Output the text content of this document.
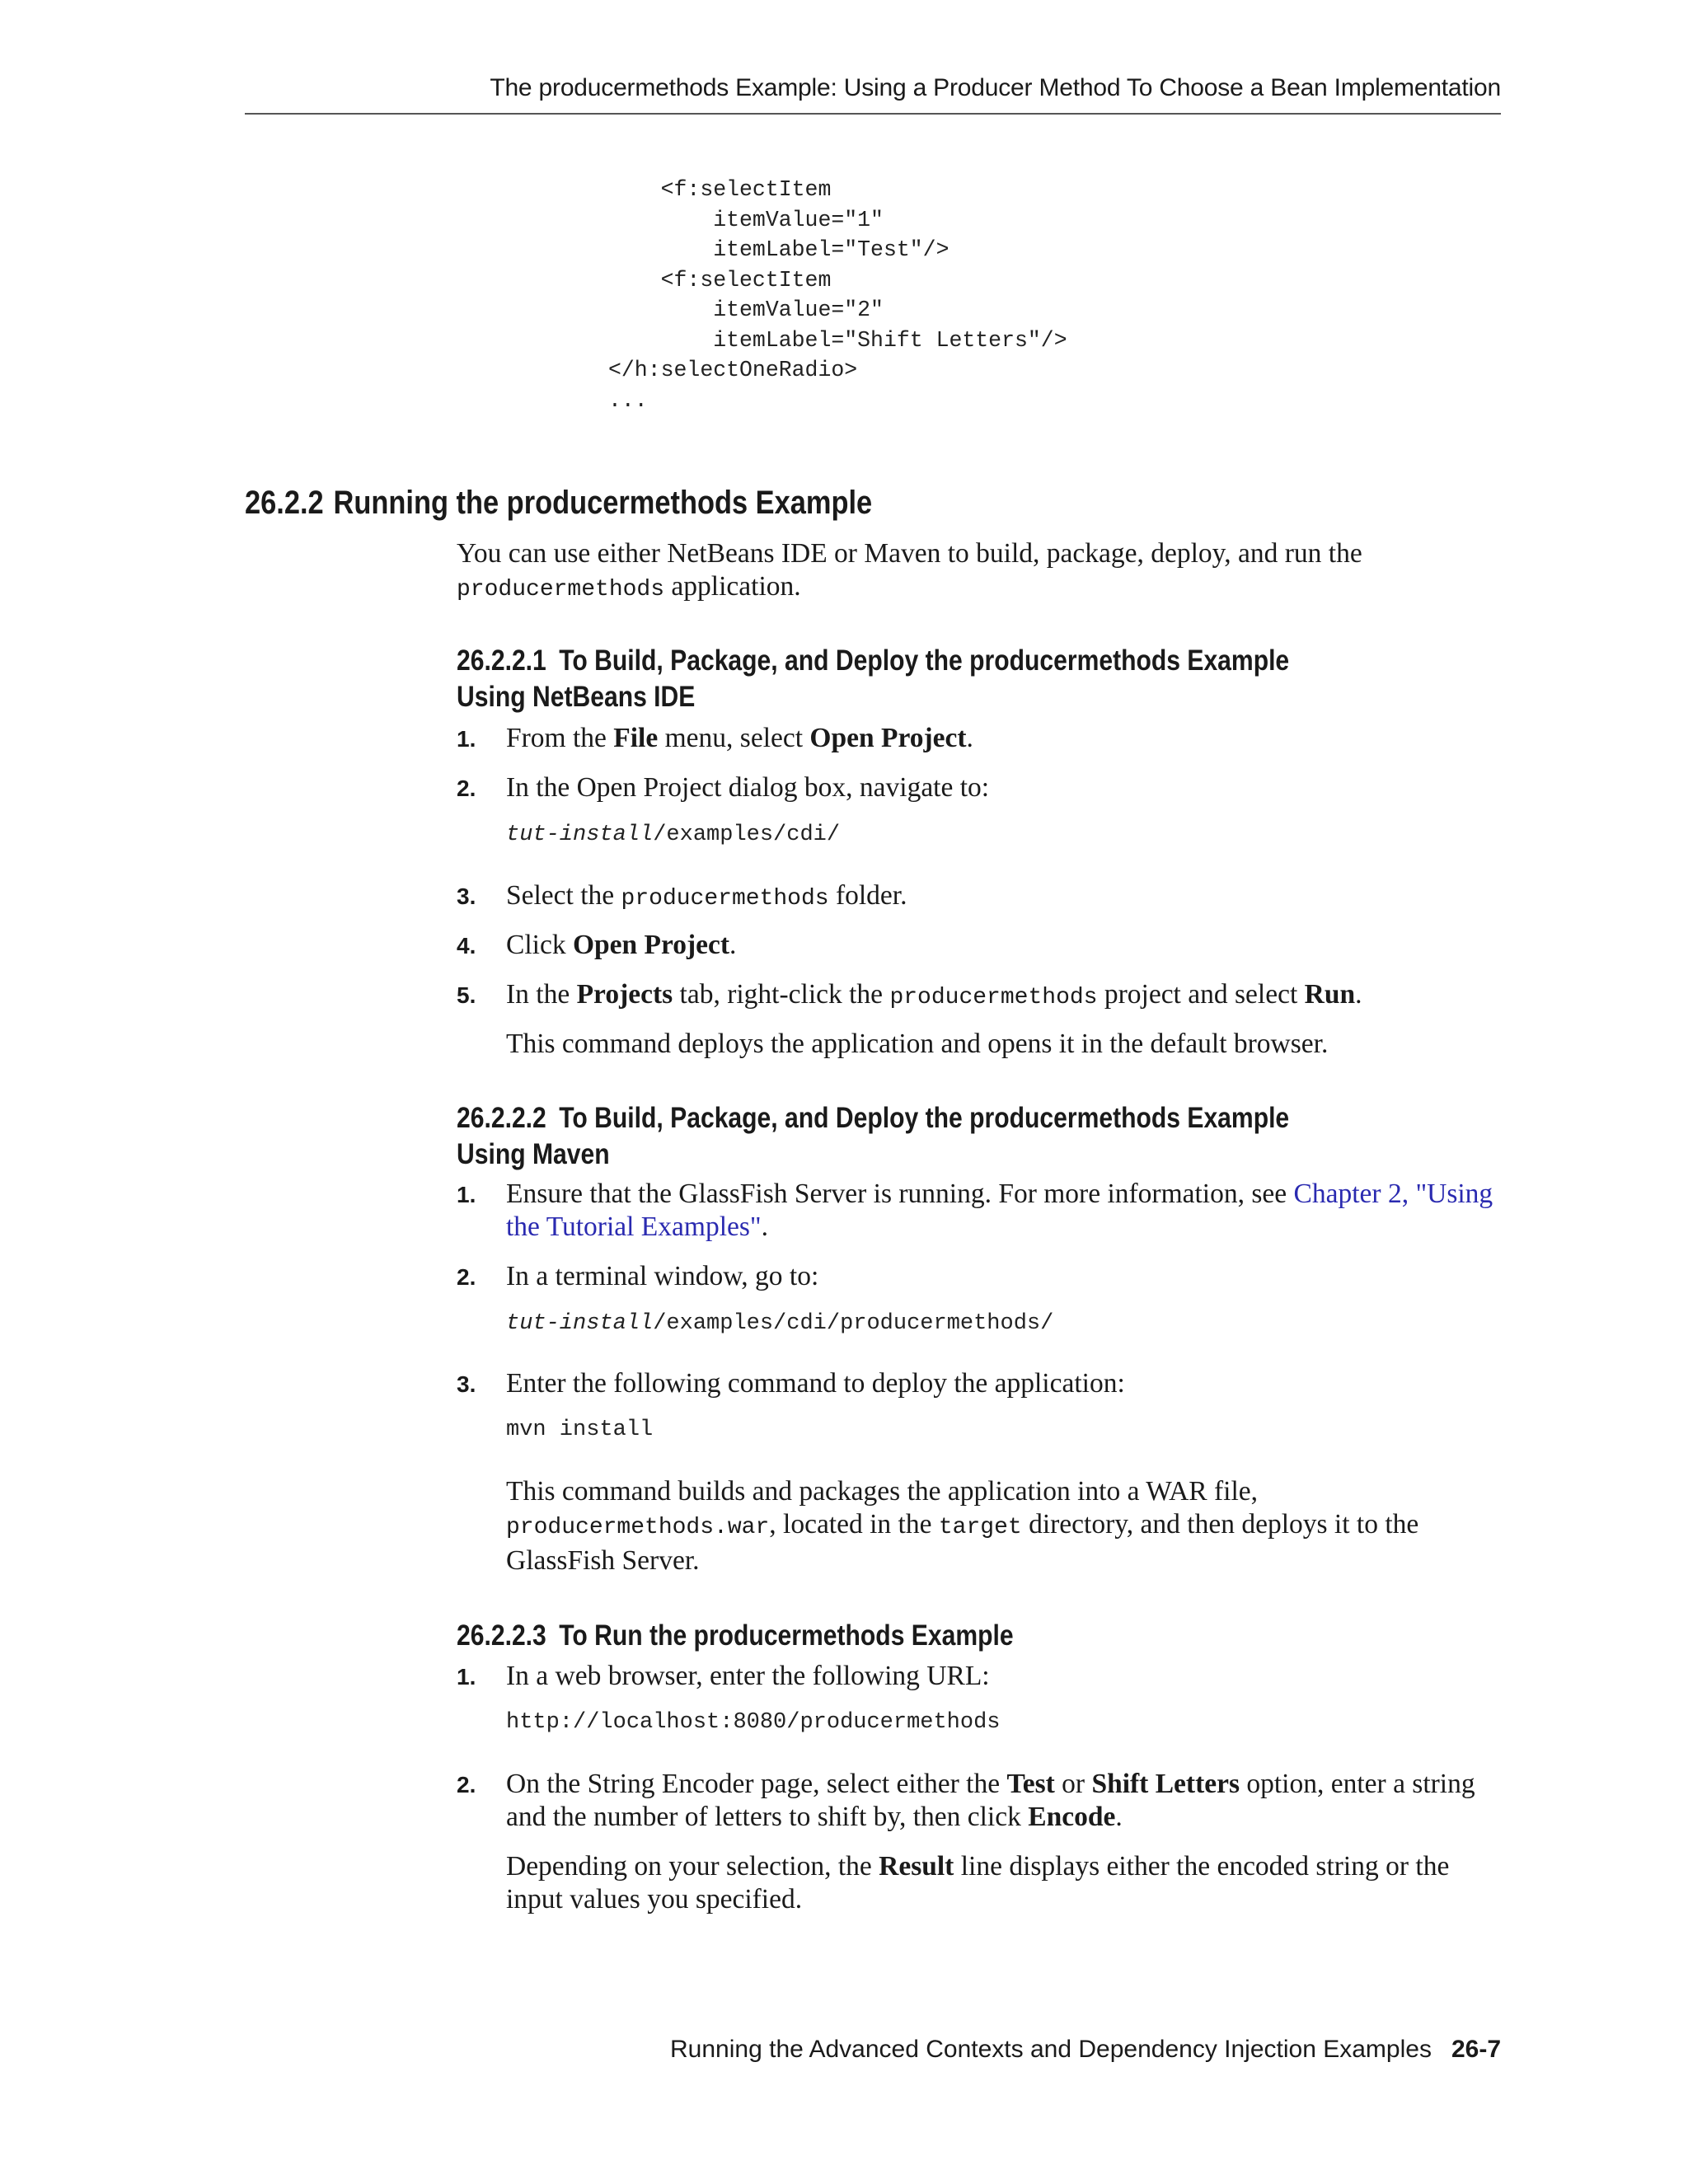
The producermethods Example: Using a Producer Method To Choose a Bean Implementation
<f:selectItem
itemValue="1"
itemLabel="Test"/>
<f:selectItem
itemValue="2"
itemLabel="Shift Letters"/>
</h:selectOneRadio>
...
26.2.2 Running the producermethods Example

You can use either NetBeans IDE or Maven to build, package, deploy, and run the producermethods application.

26.2.2.1 To Build, Package, and Deploy the producermethods Example Using NetBeans IDE
1. From the File menu, select Open Project.

2. In the Open Project dialog box, navigate to:

tut-install/examples/cdi/
3. Select the producermethods folder.

4. Click Open Project.

5. In the Projects tab, right-click the producermethods project and select Run.

This command deploys the application and opens it in the default browser.

26.2.2.2 To Build, Package, and Deploy the producermethods Example Using Maven
1. Ensure that the GlassFish Server is running. For more information, see Chapter 2, "Using the Tutorial Examples".

2. In a terminal window, go to:

tut-install/examples/cdi/producermethods/
3. Enter the following command to deploy the application:

mvn install

This command builds and packages the application into a WAR file, producermethods.war, located in the target directory, and then deploys it to the GlassFish Server.

26.2.2.3 To Run the producermethods Example
1. In a web browser, enter the following URL:

http://localhost:8080/producermethods
2. On the String Encoder page, select either the Test or Shift Letters option, enter a string and the number of letters to shift by, then click Encode.

Depending on your selection, the Result line displays either the encoded string or the input values you specified.

Running the Advanced Contexts and Dependency Injection Examples 26-7
